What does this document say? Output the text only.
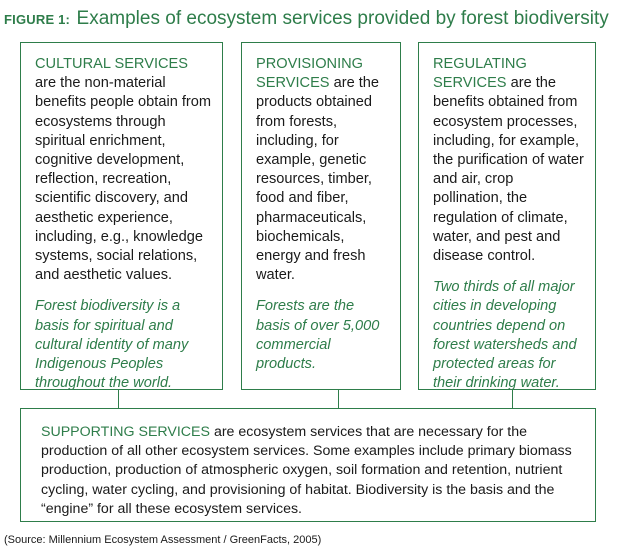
FIGURE 1: Examples of ecosystem services provided by forest biodiversity
CULTURAL SERVICES are the non-material benefits people obtain from ecosystems through spiritual enrichment, cognitive development, reflection, recreation, scientific discovery, and aesthetic experience, including, e.g., knowledge systems, social relations, and aesthetic values.
Forest biodiversity is a basis for spiritual and cultural identity of many Indigenous Peoples throughout the world.
PROVISIONING SERVICES are the products obtained from forests, including, for example, genetic resources, timber, food and fiber, pharmaceuticals, biochemicals, energy and fresh water.
Forests are the basis of over 5,000 commercial products.
REGULATING SERVICES are the benefits obtained from ecosystem processes, including, for example, the purification of water and air, crop pollination, the regulation of climate, water, and pest and disease control.
Two thirds of all major cities in developing countries depend on forest watersheds and protected areas for their drinking water.
SUPPORTING SERVICES are ecosystem services that are necessary for the production of all other ecosystem services. Some examples include primary biomass production, production of atmospheric oxygen, soil formation and retention, nutrient cycling, water cycling, and provisioning of habitat. Biodiversity is the basis and the “engine” for all these ecosystem services.
(Source: Millennium Ecosystem Assessment / GreenFacts, 2005)
